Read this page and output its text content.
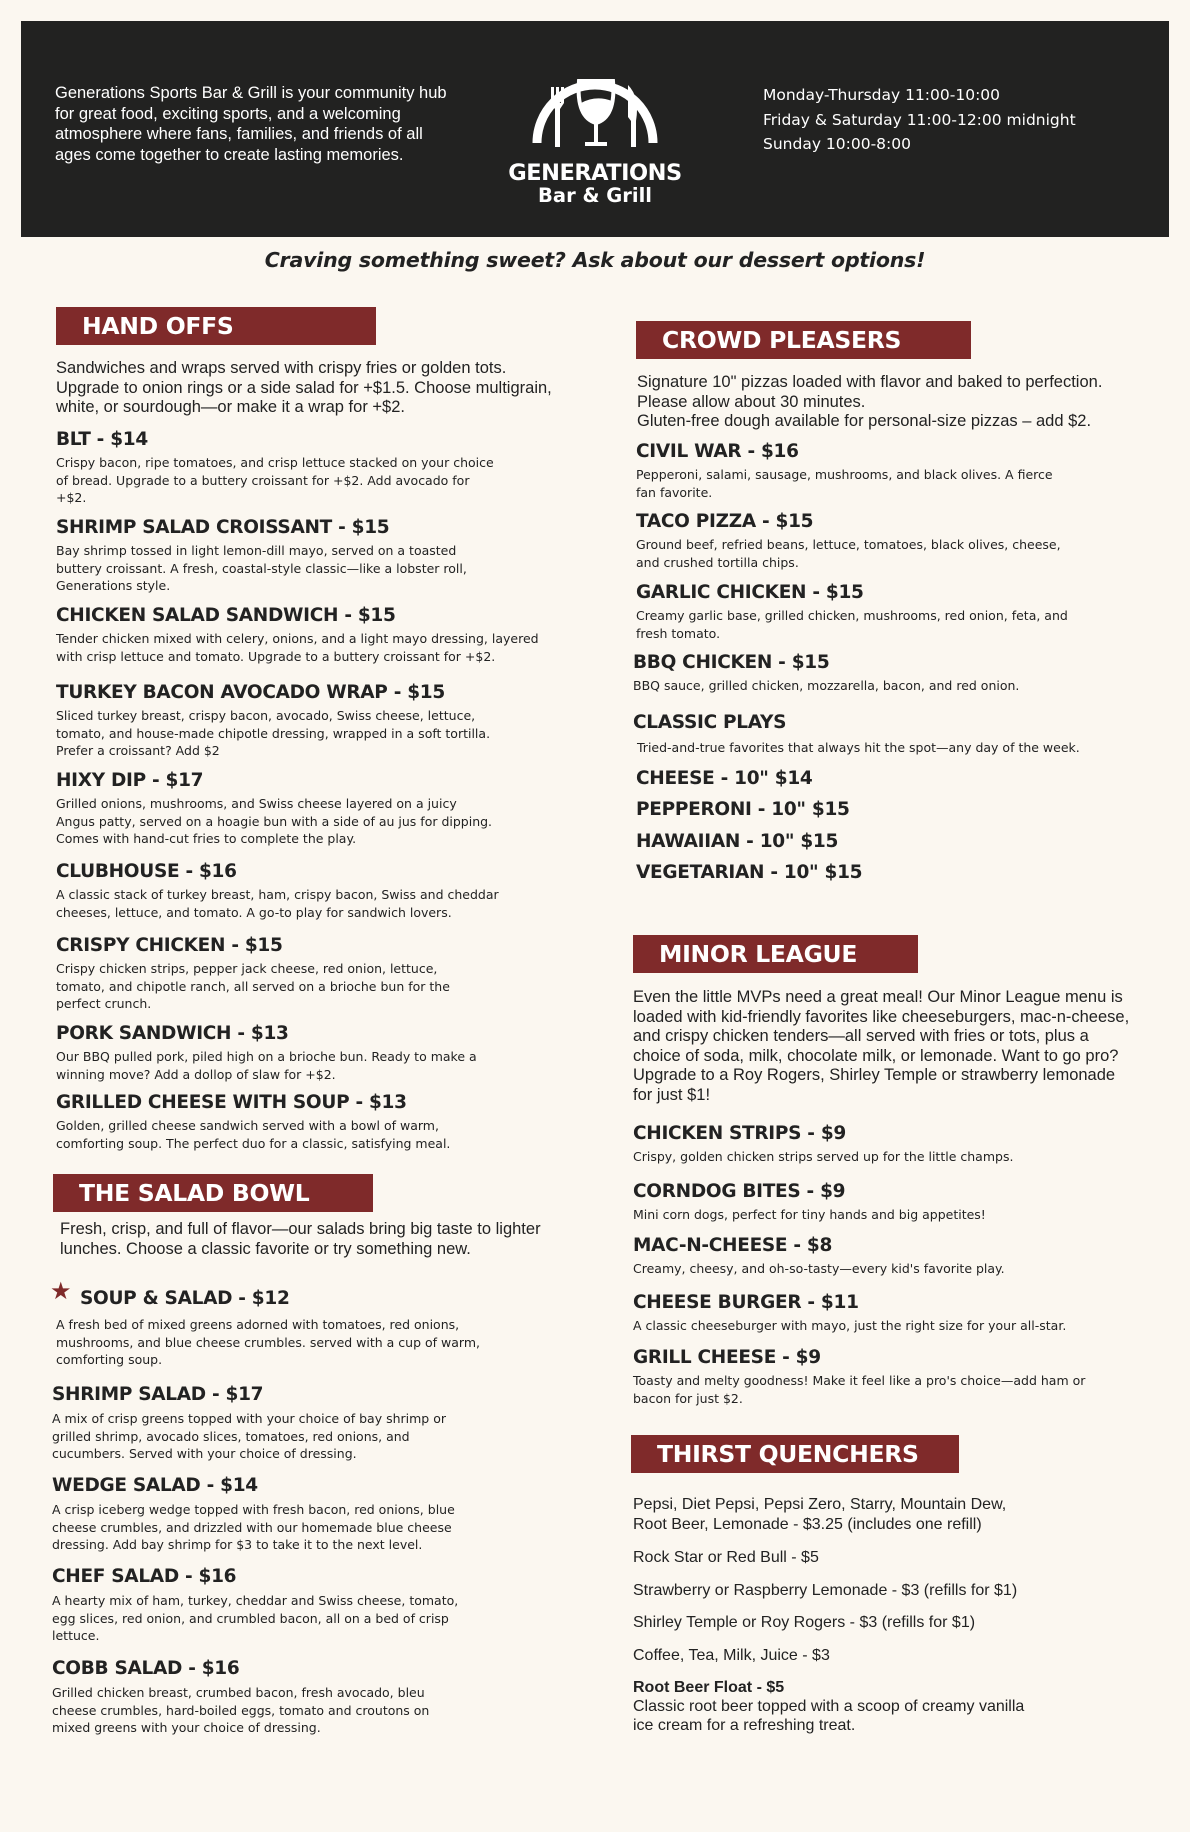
Generations Sports Bar & Grill is your community hub for great food, exciting sports, and a welcoming atmosphere where fans, families, and friends of all ages come together to create lasting memories.
GENERATIONS
Bar & Grill
Monday-Thursday 11:00-10:00
Friday & Saturday 11:00-12:00 midnight
Sunday 10:00-8:00
Craving something sweet? Ask about our dessert options!
HAND OFFS
Sandwiches and wraps served with crispy fries or golden tots. Upgrade to onion rings or a side salad for +$1.5. Choose multigrain, white, or sourdough—or make it a wrap for +$2.
BLT - $14
Crispy bacon, ripe tomatoes, and crisp lettuce stacked on your choice of bread. Upgrade to a buttery croissant for +$2. Add avocado for +$2.
SHRIMP SALAD CROISSANT - $15
Bay shrimp tossed in light lemon-dill mayo, served on a toasted buttery croissant. A fresh, coastal-style classic—like a lobster roll, Generations style.
CHICKEN SALAD SANDWICH - $15
Tender chicken mixed with celery, onions, and a light mayo dressing, layered with crisp lettuce and tomato. Upgrade to a buttery croissant for +$2.
TURKEY BACON AVOCADO WRAP - $15
Sliced turkey breast, crispy bacon, avocado, Swiss cheese, lettuce, tomato, and house-made chipotle dressing, wrapped in a soft tortilla. Prefer a croissant? Add $2
HIXY DIP - $17
Grilled onions, mushrooms, and Swiss cheese layered on a juicy Angus patty, served on a hoagie bun with a side of au jus for dipping. Comes with hand-cut fries to complete the play.
CLUBHOUSE - $16
A classic stack of turkey breast, ham, crispy bacon, Swiss and cheddar cheeses, lettuce, and tomato. A go-to play for sandwich lovers.
CRISPY CHICKEN - $15
Crispy chicken strips, pepper jack cheese, red onion, lettuce, tomato, and chipotle ranch, all served on a brioche bun for the perfect crunch.
PORK SANDWICH - $13
Our BBQ pulled pork, piled high on a brioche bun. Ready to make a winning move? Add a dollop of slaw for +$2.
GRILLED CHEESE WITH SOUP - $13
Golden, grilled cheese sandwich served with a bowl of warm, comforting soup. The perfect duo for a classic, satisfying meal.
THE SALAD BOWL
Fresh, crisp, and full of flavor—our salads bring big taste to lighter lunches. Choose a classic favorite or try something new.
★ SOUP & SALAD - $12
A fresh bed of mixed greens adorned with tomatoes, red onions, mushrooms, and blue cheese crumbles. served with a cup of warm, comforting soup.
SHRIMP SALAD - $17
A mix of crisp greens topped with your choice of bay shrimp or grilled shrimp, avocado slices, tomatoes, red onions, and cucumbers. Served with your choice of dressing.
WEDGE SALAD - $14
A crisp iceberg wedge topped with fresh bacon, red onions, blue cheese crumbles, and drizzled with our homemade blue cheese dressing. Add bay shrimp for $3 to take it to the next level.
CHEF SALAD - $16
A hearty mix of ham, turkey, cheddar and Swiss cheese, tomato, egg slices, red onion, and crumbled bacon, all on a bed of crisp lettuce.
COBB SALAD - $16
Grilled chicken breast, crumbed bacon, fresh avocado, bleu cheese crumbles, hard-boiled eggs, tomato and croutons on mixed greens with your choice of dressing.
CROWD PLEASERS
Signature 10" pizzas loaded with flavor and baked to perfection.
Please allow about 30 minutes.
Gluten-free dough available for personal-size pizzas – add $2.
CIVIL WAR - $16
Pepperoni, salami, sausage, mushrooms, and black olives. A fierce fan favorite.
TACO PIZZA - $15
Ground beef, refried beans, lettuce, tomatoes, black olives, cheese, and crushed tortilla chips.
GARLIC CHICKEN - $15
Creamy garlic base, grilled chicken, mushrooms, red onion, feta, and fresh tomato.
BBQ CHICKEN - $15
BBQ sauce, grilled chicken, mozzarella, bacon, and red onion.
CLASSIC PLAYS
Tried-and-true favorites that always hit the spot—any day of the week.
CHEESE - 10" $14
PEPPERONI - 10" $15
HAWAIIAN - 10" $15
VEGETARIAN - 10" $15
MINOR LEAGUE
Even the little MVPs need a great meal! Our Minor League menu is loaded with kid-friendly favorites like cheeseburgers, mac-n-cheese, and crispy chicken tenders—all served with fries or tots, plus a choice of soda, milk, chocolate milk, or lemonade. Want to go pro? Upgrade to a Roy Rogers, Shirley Temple or strawberry lemonade for just $1!
CHICKEN STRIPS - $9
Crispy, golden chicken strips served up for the little champs.
CORNDOG BITES - $9
Mini corn dogs, perfect for tiny hands and big appetites!
MAC-N-CHEESE - $8
Creamy, cheesy, and oh-so-tasty—every kid's favorite play.
CHEESE BURGER - $11
A classic cheeseburger with mayo, just the right size for your all-star.
GRILL CHEESE - $9
Toasty and melty goodness! Make it feel like a pro's choice—add ham or bacon for just $2.
THIRST QUENCHERS
Pepsi, Diet Pepsi, Pepsi Zero, Starry, Mountain Dew,
Root Beer, Lemonade - $3.25 (includes one refill)
Rock Star or Red Bull - $5
Strawberry or Raspberry Lemonade - $3 (refills for $1)
Shirley Temple or Roy Rogers - $3 (refills for $1)
Coffee, Tea, Milk, Juice - $3
Root Beer Float - $5
Classic root beer topped with a scoop of creamy vanilla
ice cream for a refreshing treat.
